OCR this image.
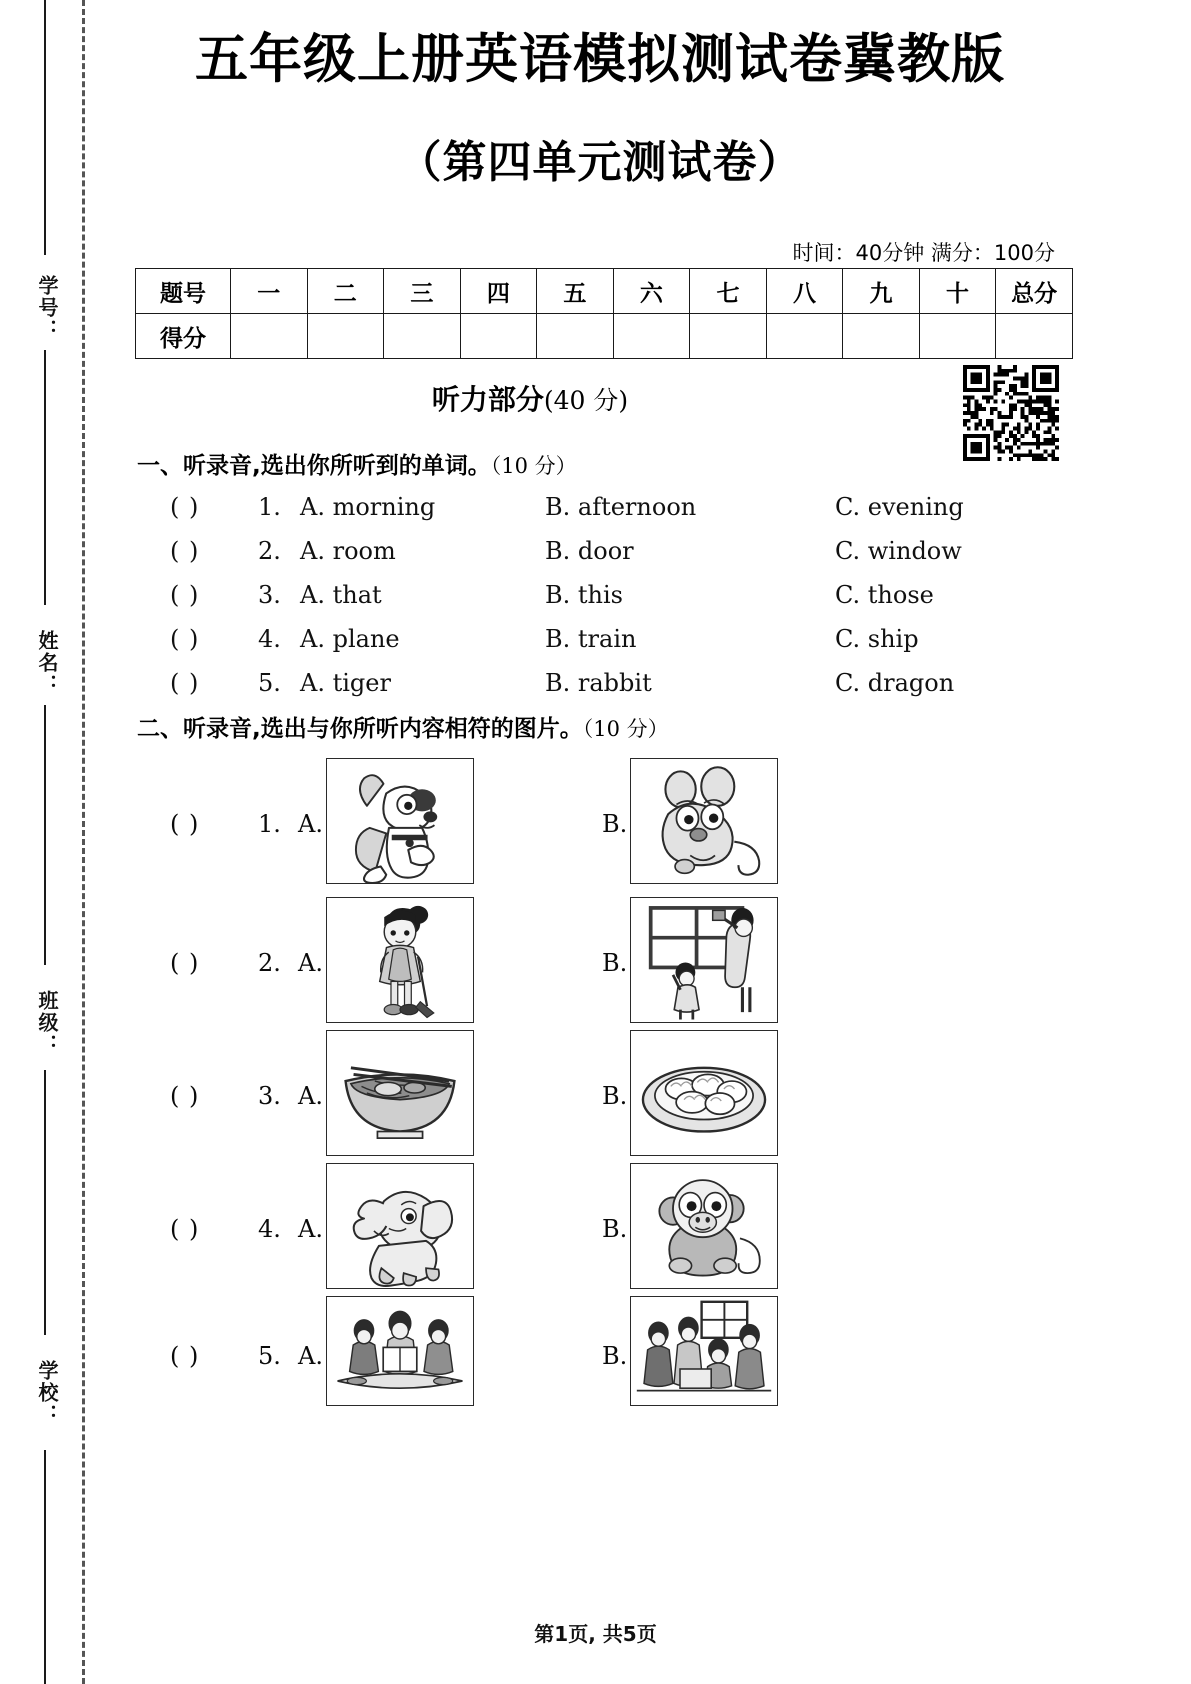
学号：
姓名：
班级：
学校：
五年级上册英语模拟测试卷冀教版
（第四单元测试卷）
时间：40分钟 满分：100分
题号	一	二	三	四	五	六	七	八	九	十	总分
得分											
听力部分(40 分)
一、听录音,选出你所听到的单词。（10 分）
( ) 1. A. morning	B. afternoon	C. evening
( ) 2. A. room	B. door	C. window
( ) 3. A. that	B. this	C. those
( ) 4. A. plane	B. train	C. ship
( ) 5. A. tiger	B. rabbit	C. dragon
二、听录音,选出与你所听内容相符的图片。（10 分）
( ) 1. A.	B.
( ) 2. A.	B.
( ) 3. A.	B.
( ) 4. A.	B.
( ) 5. A.	B.
第1页, 共5页
